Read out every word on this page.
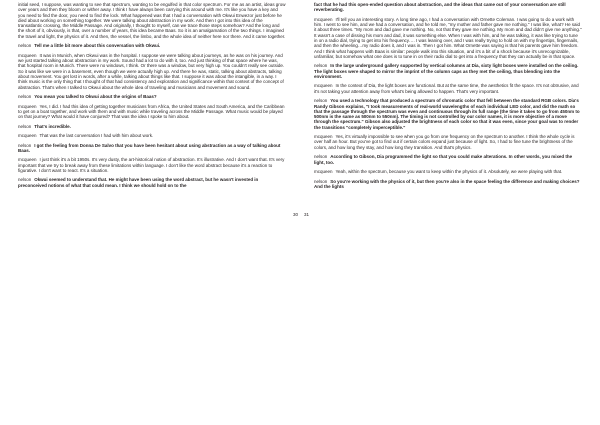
initial seed, I suppose, was wanting to see that spectrum, wanting to be engulfed in that color spectrum. For me as an artist, ideas grow over years and then they bloom or wither away. I think I have always been carrying this around with me. It's like you have a key and you need to find the door, you need to find the lock. What happened was that I had a conversation with Okwui Enwezor just before he died about working on something together. We were talking about abstraction in my work. And then I got into this idea of the transatlantic crossing, the Middle Passage. And originally, I thought to myself, can we trace those steps somehow? And the long and the short of it, obviously, is that, over a number of years, this idea became Baas. So it is an amalgamation of the two things. I imagined the travel and light, the physics of it. And then, the vessel, the limbo, and the whole idea of neither here nor there. And it came together.

nelson Tell me a little bit more about this conversation with Okwui.

mcqueen It was in Munich, when Okwui was in the hospital. I suppose we were talking about journeys, as he was on his journey. And we just started talking about abstraction in my work. Sound had a lot to do with it, too. And just thinking of that space where he was, that hospital room in Munich. There were no windows, I think. Or there was a window, but very high up. You couldn't really see outside. So it was like we were in a basement, even though we were actually high up. And there he was, static, talking about abstracts, talking about movement. You get lost in words, after a while, talking about things like that. I suppose it was about the intangible, in a way. I think music is the only thing that I thought of that had consistency and exploration and significance within that context of the concept of abstraction. That's when I talked to Okwui about the whole idea of traveling and musicians and movement and sound.

nelson You mean you talked to Okwui about the origins of Baas?

mcqueen Yes, I did. I had this idea of getting together musicians from Africa, the United States and South America, and the Caribbean to get on a boat together, and work with them and with music while traveling across the Middle Passage. What music would be played on that journey? What would it have conjured? That was the idea I spoke to him about.

nelson That's incredible.

mcqueen That was the last conversation I had with him about work.

nelson I got the feeling from Donna De Salvo that you have been hesitant about using abstraction as a way of talking about Baas.

mcqueen I just think it's a bit 1950s. It's very dusty, the art-historical notion of abstraction. It's illustrative. And I don't want that. It's very important that we try to break away from these limitations within language. I don't like the word abstract because it's a reaction to figurative. I don't want to react. It's a situation.

nelson Okwui seemed to understand that. He might have been using the word abstract, but he wasn't invested in preconceived notions of what that could mean. I think we should hold on to the

30 31

fact that he had this open-ended question about abstraction, and the ideas that came out of your conversation are still reverberating.

mcqueen I'll tell you an interesting story. A long time ago, I had a conversation with Ornette Coleman. I was going to do a work with him. I went to see him, and we had a conversation, and he told me, "my mother and father gave me nothing." I was like, what? He said it about three times. "My mom and dad gave me nothing. No, not that they gave me nothing. My mom and dad didn't give me anything." It wasn't a case of dissing his mom and dad, it was something else. When I was with him, and he was talking, it was like trying to tune in on a radio dial, trying to get into his frequency…. I was leaning over, and I was really trying to hold on with my fingertips, fingernails, and then the wheeling…my radio does it, and I was in. Then I got him. What Ornette was saying is that his parents gave him freedom. And I think what happens with Baas is similar: people walk into this situation, and it's a bit of a shock because it's unrecognizable, unfamiliar, but somehow what one does is to tune in on their radio dial to get into a frequency that they can actually be in that space.

nelson In the large underground gallery supported by vertical columns at Dia, sixty light boxes were installed on the ceiling. The light boxes were shaped to mirror the imprint of the column caps as they met the ceiling, thus blending into the environment.

mcqueen In the context of Dia, the light boxes are functional. But at the same time, the aesthetics fit the space. It's not obtrusive, and it's not taking your attention away from what's being allowed to happen. That's very important.

nelson You used a technology that produced a spectrum of chromatic color that fell between the standard RGB colors. Dia's Randy Gibson explains, "I took measurements of real-world wavelengths of each individual LED color, and did the math so that the passage through the spectrum was even and continuous through its full range (the time it takes to go from 450nm to 500nm is the same as 500nm to 550nm). The timing is not controlled by our color names, it is more objective of a move through the spectrum." Gibson also adjusted the brightness of each color so that it was even, since your goal was to render the transitions "completely imperceptible."

mcqueen Yes, it's virtually impossible to see when you go from one frequency on the spectrum to another. I think the whole cycle is over half an hour. But you've got to find out if certain colors expand just because of light. So, I had to fine tune the brightness of the colors, and how long they stay, and how long they transition. And that's physics.

nelson According to Gibson, Dia programmed the light so that you could make alterations. In other words, you mixed the light, too.

mcqueen Yeah, within the spectrum, because you want to keep within the physics of it. Absolutely, we were playing with that.

nelson So you're working with the physics of it, but then you're also in the space feeling the difference and making choices? And the lights
